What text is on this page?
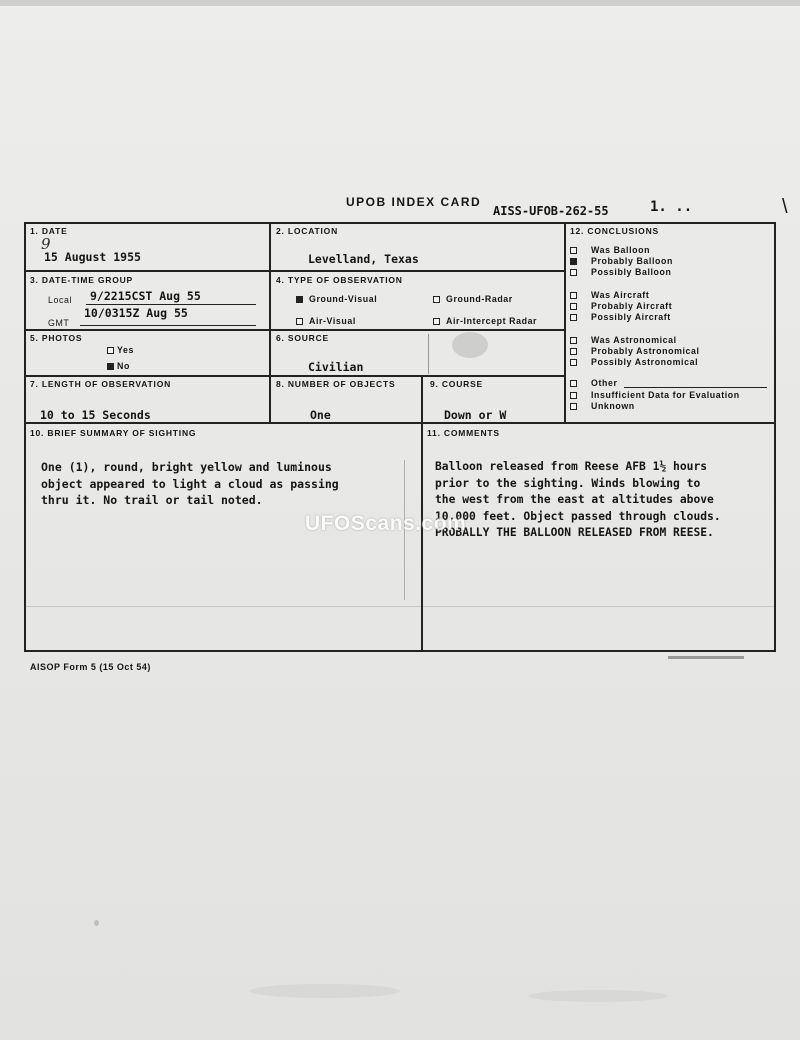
UPOB INDEX CARD
AISS-UFOB-262-55	1. ..	\
1. DATE
9
15 August 1955
2. LOCATION
Levelland, Texas
3. DATE-TIME GROUP
Local 9/2215CST Aug 55
GMT
10/0315Z Aug 55
4. TYPE OF OBSERVATION
Ground-Visual	Ground-Radar
Air-Visual	Air-Intercept Radar
5. PHOTOS
Yes
No
6. SOURCE
Civilian
7. LENGTH OF OBSERVATION
10 to 15 Seconds
8. NUMBER OF OBJECTS
One
9. COURSE
Down or W
10. BRIEF SUMMARY OF SIGHTING
One (1), round, bright yellow and luminous
object appeared to light a cloud as passing
thru it. No trail or tail noted.
11. COMMENTS
Balloon released from Reese AFB 1½ hours
prior to the sighting. Winds blowing to
the west from the east at altitudes above
10,000 feet. Object passed through clouds.
PROBALLY THE BALLOON RELEASED FROM REESE.
12. CONCLUSIONS
Was Balloon
Probably Balloon
Possibly Balloon
Was Aircraft
Probably Aircraft
Possibly Aircraft
Was Astronomical
Probably Astronomical
Possibly Astronomical
Other
Insufficient Data for Evaluation
Unknown
UFOScans.com
AISOP Form 5 (15 Oct 54)
